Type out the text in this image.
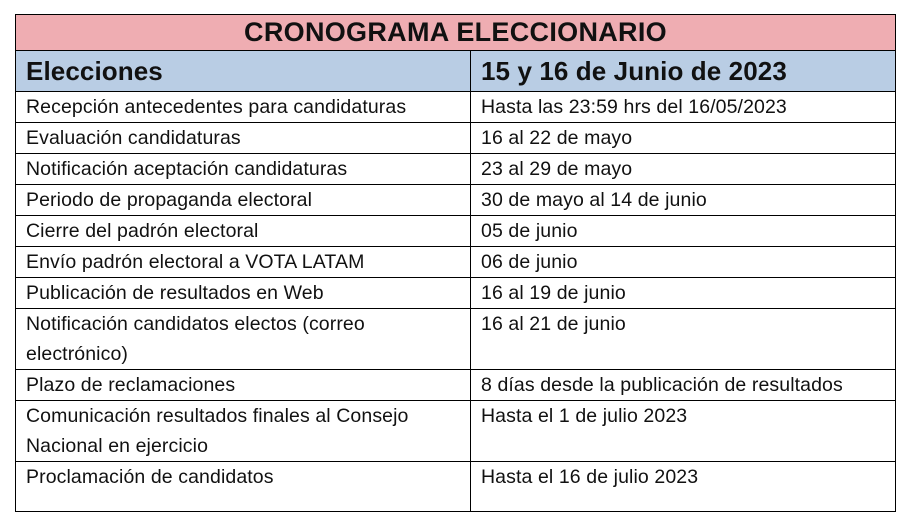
CRONOGRAMA ELECCIONARIO	
Elecciones	15 y 16 de Junio de 2023
Recepción antecedentes para candidaturas	Hasta las 23:59 hrs del 16/05/2023
Evaluación candidaturas	16 al 22 de mayo
Notificación aceptación candidaturas	23 al 29 de mayo
Periodo de propaganda electoral	30 de mayo al 14 de junio
Cierre del padrón electoral	05 de junio
Envío padrón electoral a VOTA LATAM	06 de junio
Publicación de resultados en Web	16 al 19 de junio
Notificación candidatos electos (correo electrónico)	16 al 21 de junio
Plazo de reclamaciones	8 días desde la publicación de resultados
Comunicación resultados finales al Consejo Nacional en ejercicio	Hasta el 1 de julio 2023
Proclamación de candidatos	Hasta el 16 de julio 2023
